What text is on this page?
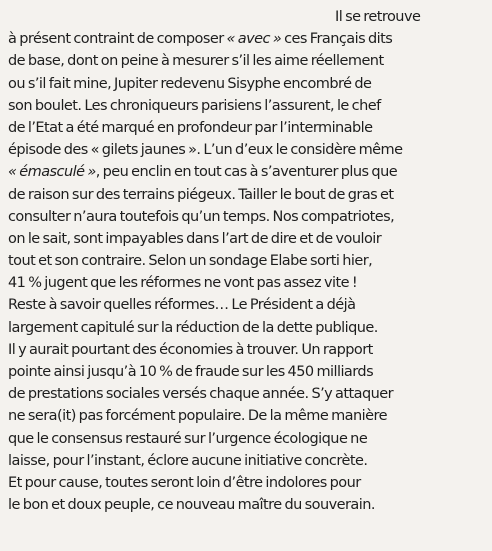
Il se retrouve
à présent contraint de composer « avec » ces Français dits
de base, dont on peine à mesurer s’il les aime réellement
ou s’il fait mine, Jupiter redevenu Sisyphe encombré de
son boulet. Les chroniqueurs parisiens l’assurent, le chef
de l’Etat a été marqué en profondeur par l’interminable
épisode des « gilets jaunes ». L’un d’eux le considère même
« émasculé », peu enclin en tout cas à s’aventurer plus que
de raison sur des terrains piégeux. Tailler le bout de gras et
consulter n’aura toutefois qu’un temps. Nos compatriotes,
on le sait, sont impayables dans l’art de dire et de vouloir
tout et son contraire. Selon un sondage Elabe sorti hier,
41 % jugent que les réformes ne vont pas assez vite !
Reste à savoir quelles réformes… Le Président a déjà
largement capitulé sur la réduction de la dette publique.
Il y aurait pourtant des économies à trouver. Un rapport
pointe ainsi jusqu’à 10 % de fraude sur les 450 milliards
de prestations sociales versés chaque année. S’y attaquer
ne sera(it) pas forcément populaire. De la même manière
que le consensus restauré sur l’urgence écologique ne
laisse, pour l’instant, éclore aucune initiative concrète.
Et pour cause, toutes seront loin d’être indolores pour
le bon et doux peuple, ce nouveau maître du souverain.
